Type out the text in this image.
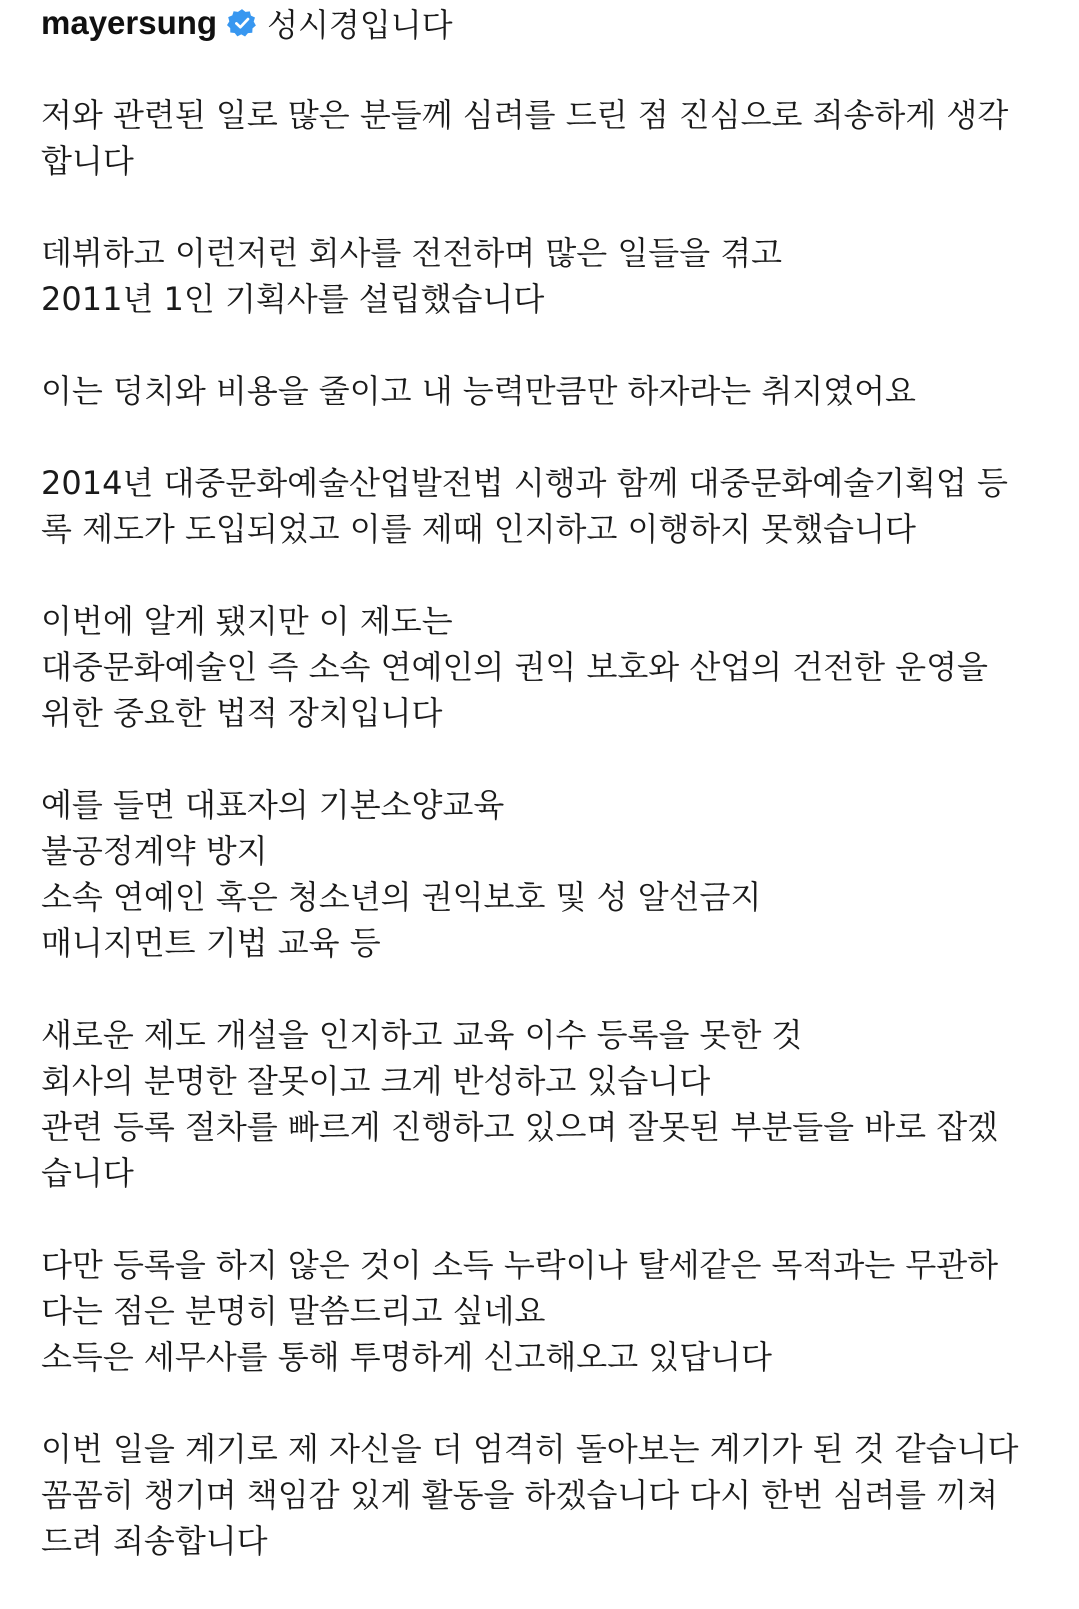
mayersung 성시경입니다
저와 관련된 일로 많은 분들께 심려를 드린 점 진심으로 죄송하게 생각
합니다
데뷔하고 이런저런 회사를 전전하며 많은 일들을 겪고
2011년 1인 기획사를 설립했습니다
이는 덩치와 비용을 줄이고 내 능력만큼만 하자라는 취지였어요
2014년 대중문화예술산업발전법 시행과 함께 대중문화예술기획업 등
록 제도가 도입되었고 이를 제때 인지하고 이행하지 못했습니다
이번에 알게 됐지만 이 제도는
대중문화예술인 즉 소속 연예인의 권익 보호와 산업의 건전한 운영을
위한 중요한 법적 장치입니다
예를 들면 대표자의 기본소양교육
불공정계약 방지
소속 연예인 혹은 청소년의 권익보호 및 성 알선금지
매니지먼트 기법 교육 등
새로운 제도 개설을 인지하고 교육 이수 등록을 못한 것
회사의 분명한 잘못이고 크게 반성하고 있습니다
관련 등록 절차를 빠르게 진행하고 있으며 잘못된 부분들을 바로 잡겠
습니다
다만 등록을 하지 않은 것이 소득 누락이나 탈세같은 목적과는 무관하
다는 점은 분명히 말씀드리고 싶네요
소득은 세무사를 통해 투명하게 신고해오고 있답니다
이번 일을 계기로 제 자신을 더 엄격히 돌아보는 계기가 된 것 같습니다
꼼꼼히 챙기며 책임감 있게 활동을 하겠습니다 다시 한번 심려를 끼쳐
드려 죄송합니다
